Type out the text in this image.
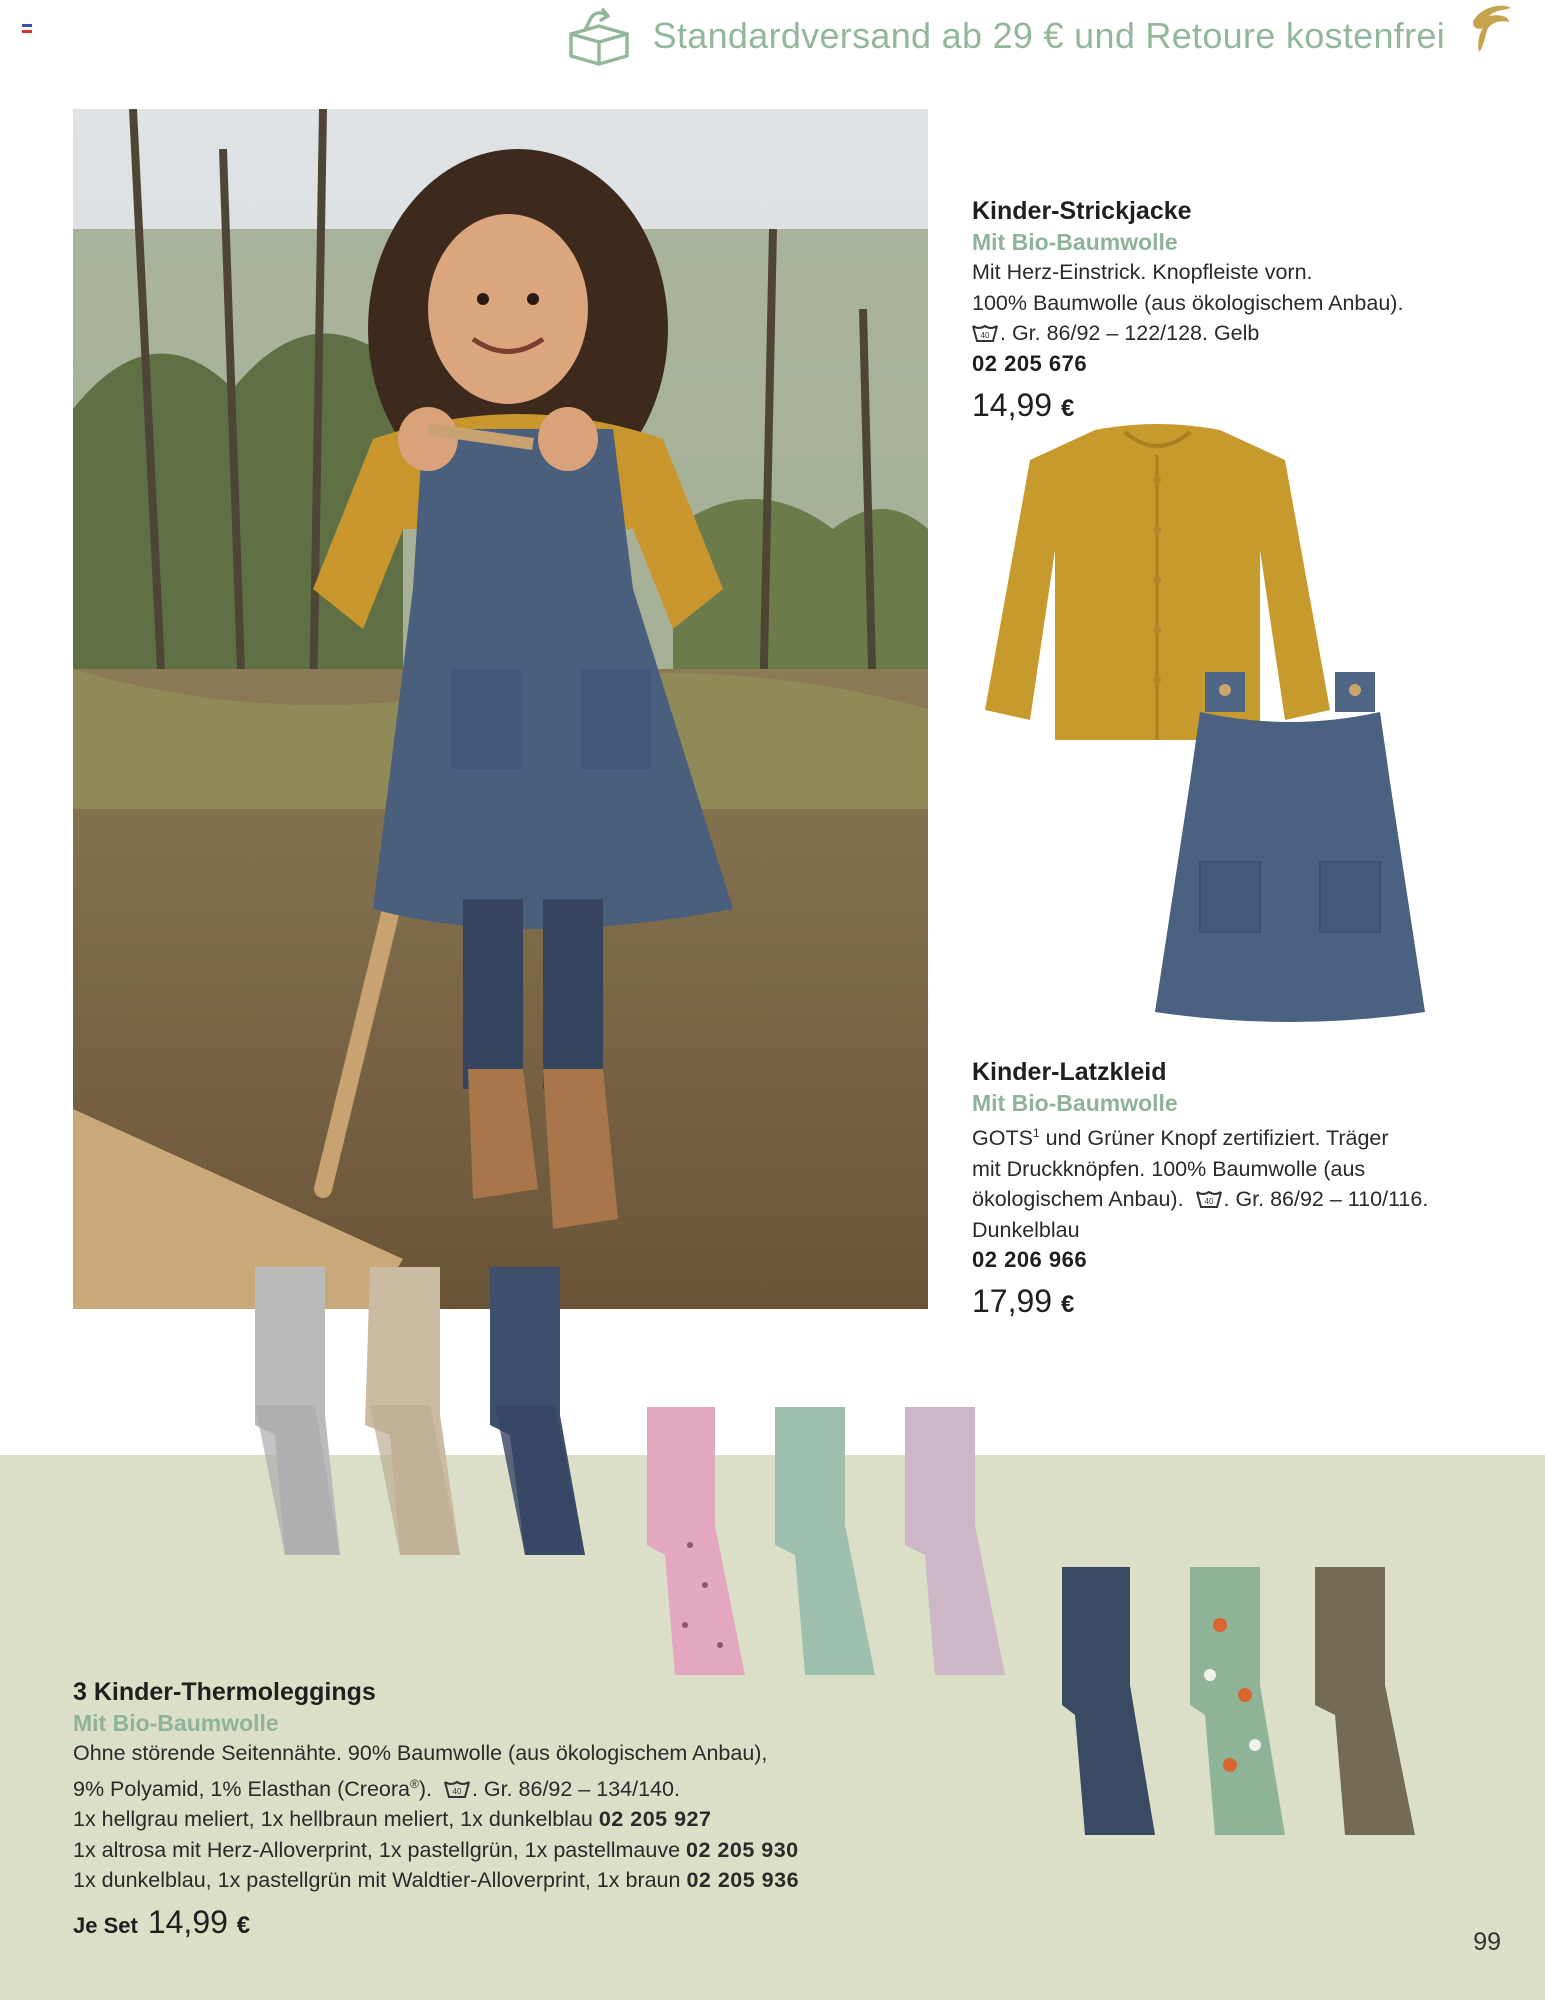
Standardversand ab 29 € und Retoure kostenfrei
Kinder-Strickjacke
Mit Bio-Baumwolle
Mit Herz-Einstrick. Knopfleiste vorn.
100% Baumwolle (aus ökologischem Anbau).
40 . Gr. 86/92 – 122/128. Gelb
02 205 676
14,99 €
Kinder-Latzkleid
Mit Bio-Baumwolle
GOTS$^1$ und Grüner Knopf zertifiziert. Träger
mit Druckknöpfen. 100% Baumwolle (aus
ökologischem Anbau).	40 . Gr. 86/92 – 110/116.
Dunkelblau
02 206 966
17,99 €
3 Kinder-Thermoleggings
Mit Bio-Baumwolle
Ohne störende Seitennähte. 90% Baumwolle (aus ökologischem Anbau),
9% Polyamid, 1% Elasthan (Creora®).	40 . Gr. 86/92 – 134/140.
1x hellgrau meliert, 1x hellbraun meliert, 1x dunkelblau 02 205 927
1x altrosa mit Herz-Alloverprint, 1x pastellgrün, 1x pastellmauve 02 205 930
1x dunkelblau, 1x pastellgrün mit Waldtier-Alloverprint, 1x braun 02 205 936
Je Set 14,99 €
99
